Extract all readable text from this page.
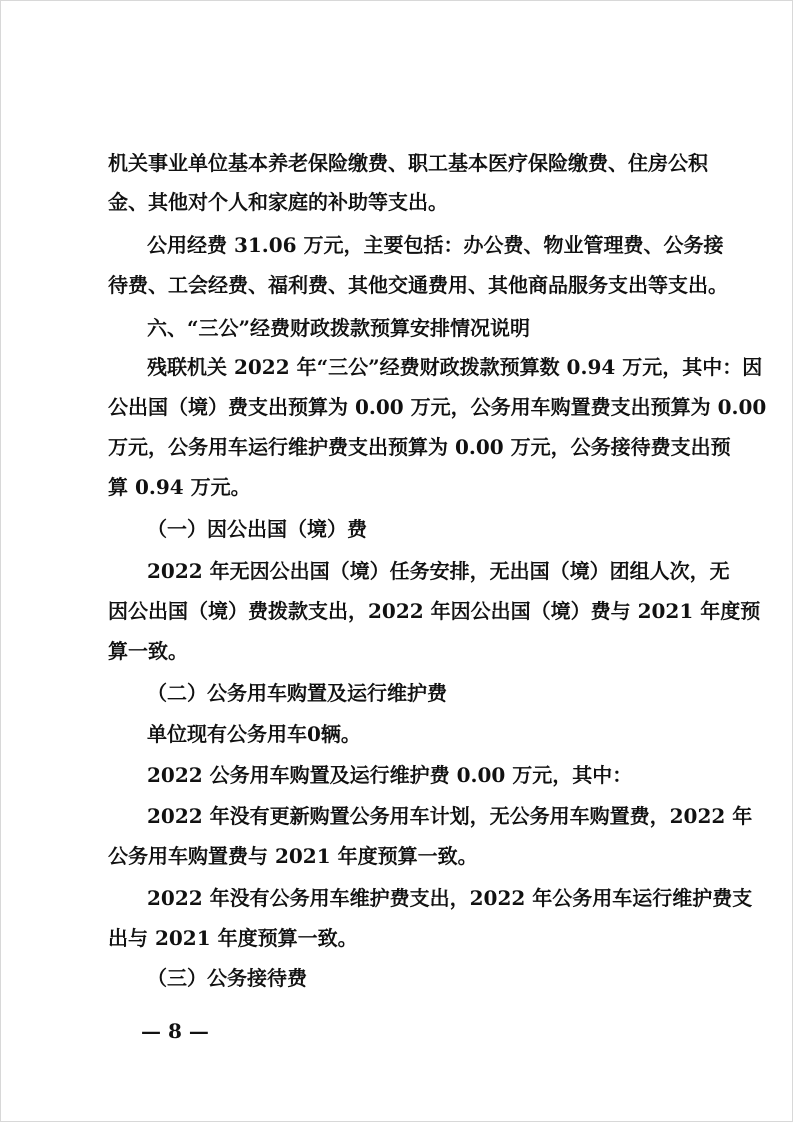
机关事业单位基本养老保险缴费、职工基本医疗保险缴费、住房公积
金、其他对个人和家庭的补助等支出。
公用经费 31.06 万元，主要包括：办公费、物业管理费、公务接
待费、工会经费、福利费、其他交通费用、其他商品服务支出等支出。
六、“三公”经费财政拨款预算安排情况说明
残联机关 2022 年“三公”经费财政拨款预算数 0.94 万元，其中：因
公出国（境）费支出预算为 0.00 万元，公务用车购置费支出预算为 0.00
万元，公务用车运行维护费支出预算为 0.00 万元，公务接待费支出预
算 0.94 万元。
（一）因公出国（境）费
2022 年无因公出国（境）任务安排，无出国（境）团组人次，无
因公出国（境）费拨款支出，2022 年因公出国（境）费与 2021 年度预
算一致。
（二）公务用车购置及运行维护费
单位现有公务用车0辆。
2022 公务用车购置及运行维护费 0.00 万元，其中：
2022 年没有更新购置公务用车计划，无公务用车购置费，2022 年
公务用车购置费与 2021 年度预算一致。
2022 年没有公务用车维护费支出，2022 年公务用车运行维护费支
出与 2021 年度预算一致。
（三）公务接待费
— 8 —
